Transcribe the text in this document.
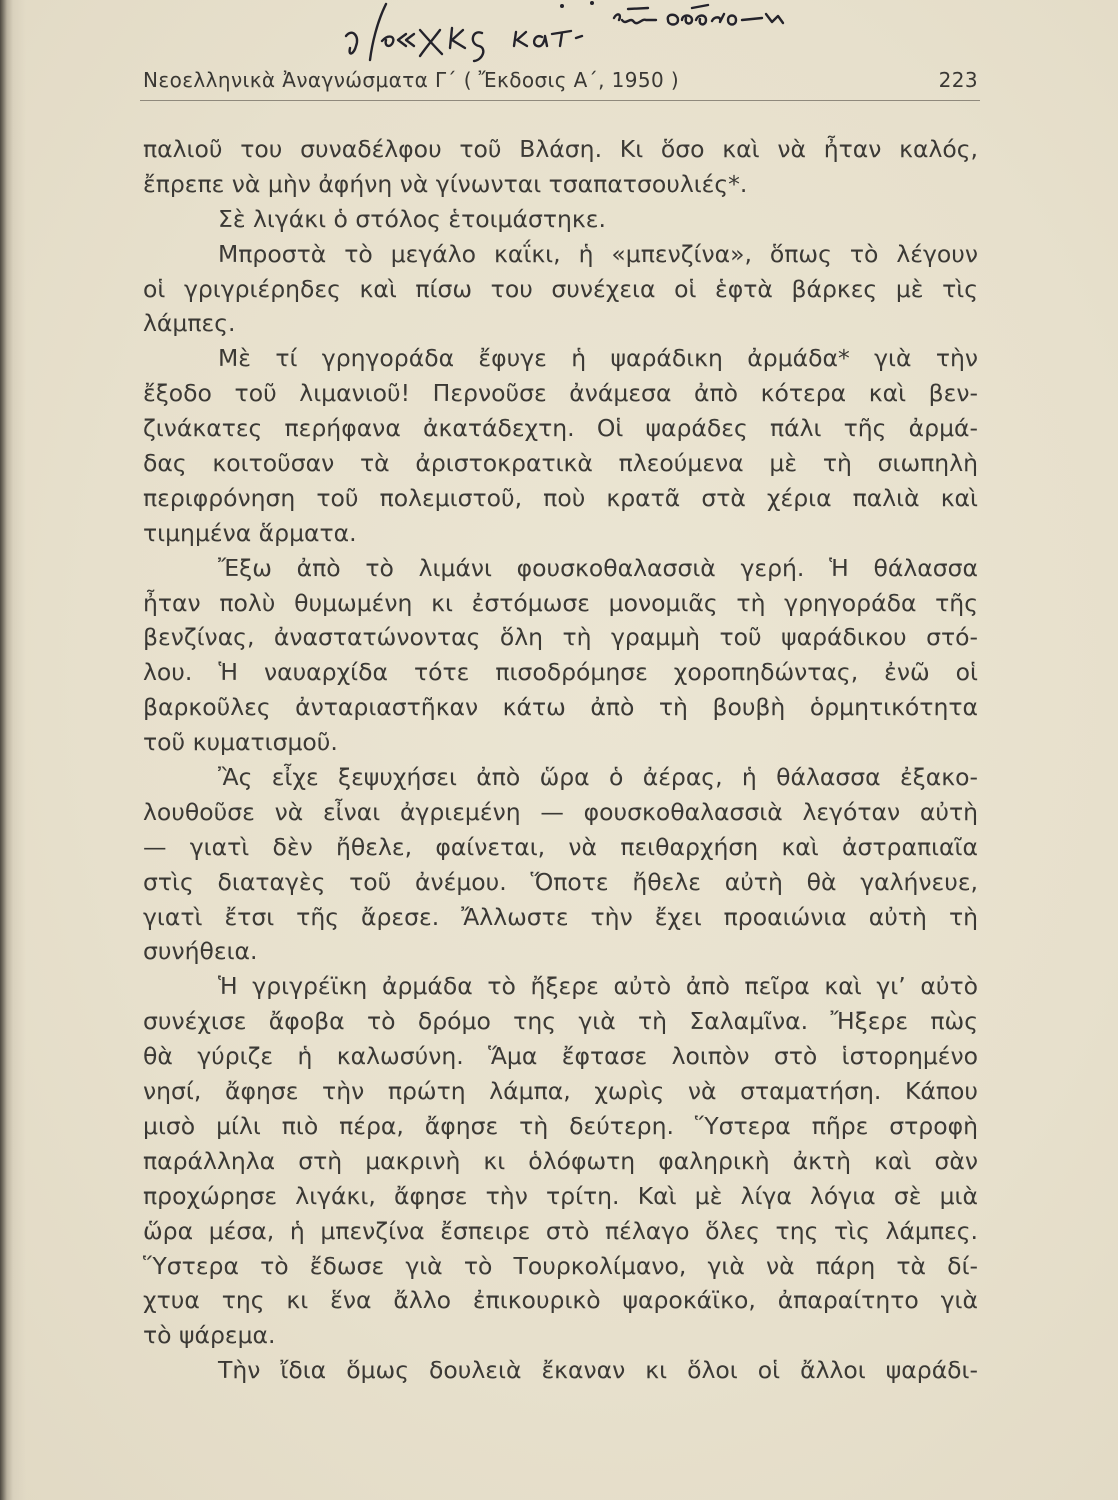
Νεοελληνικὰ Ἀναγνώσματα Γ΄ ( Ἔκδοσις Α΄, 1950 )	223
παλιοῦ του συναδέλφου τοῦ Βλάση. Κι ὅσο καὶ νὰ ἦταν καλός,
ἔπρεπε νὰ μὴν ἀφήνη νὰ γίνωνται τσαπατσουλιές*.
Σὲ λιγάκι ὁ στόλος ἑτοιμάστηκε.
Μπροστὰ τὸ μεγάλο καΐκι, ἡ «μπενζίνα», ὅπως τὸ λέγουν
οἱ γριγριέρηδες καὶ πίσω του συνέχεια οἱ ἑφτὰ βάρκες μὲ τὶς
λάμπες.
Μὲ τί γρηγοράδα ἔφυγε ἡ ψαράδικη ἀρμάδα* γιὰ τὴν
ἔξοδο τοῦ λιμανιοῦ! Περνοῦσε ἀνάμεσα ἀπὸ κότερα καὶ βεν-
ζινάκατες περήφανα ἀκατάδεχτη. Οἱ ψαράδες πάλι τῆς ἀρμά-
δας κοιτοῦσαν τὰ ἀριστοκρατικὰ πλεούμενα μὲ τὴ σιωπηλὴ
περιφρόνηση τοῦ πολεμιστοῦ, ποὺ κρατᾶ στὰ χέρια παλιὰ καὶ
τιμημένα ἅρματα.
Ἔξω ἀπὸ τὸ λιμάνι φουσκοθαλασσιὰ γερή. Ἡ θάλασσα
ἦταν πολὺ θυμωμένη κι ἐστόμωσε μονομιᾶς τὴ γρηγοράδα τῆς
βενζίνας, ἀναστατώνοντας ὅλη τὴ γραμμὴ τοῦ ψαράδικου στό-
λου. Ἡ ναυαρχίδα τότε πισοδρόμησε χοροπηδώντας, ἐνῶ οἱ
βαρκοῦλες ἀνταριαστῆκαν κάτω ἀπὸ τὴ βουβὴ ὁρμητικότητα
τοῦ κυματισμοῦ.
Ἂς εἶχε ξεψυχήσει ἀπὸ ὥρα ὁ ἀέρας, ἡ θάλασσα ἐξακο-
λουθοῦσε νὰ εἶναι ἀγριεμένη — φουσκοθαλασσιὰ λεγόταν αὐτὴ
— γιατὶ δὲν ἤθελε, φαίνεται, νὰ πειθαρχήση καὶ ἀστραπιαῖα
στὶς διαταγὲς τοῦ ἀνέμου. Ὅποτε ἤθελε αὐτὴ θὰ γαλήνευε,
γιατὶ ἔτσι τῆς ἄρεσε. Ἄλλωστε τὴν ἔχει προαιώνια αὐτὴ τὴ
συνήθεια.
Ἡ γριγρέϊκη ἀρμάδα τὸ ἤξερε αὐτὸ ἀπὸ πεῖρα καὶ γι’ αὐτὸ
συνέχισε ἄφοβα τὸ δρόμο της γιὰ τὴ Σαλαμῖνα. Ἤξερε πὼς
θὰ γύριζε ἡ καλωσύνη. Ἅμα ἔφτασε λοιπὸν στὸ ἱστορημένο
νησί, ἄφησε τὴν πρώτη λάμπα, χωρὶς νὰ σταματήση. Κάπου
μισὸ μίλι πιὸ πέρα, ἄφησε τὴ δεύτερη. Ὕστερα πῆρε στροφὴ
παράλληλα στὴ μακρινὴ κι ὁλόφωτη φαληρικὴ ἀκτὴ καὶ σὰν
προχώρησε λιγάκι, ἄφησε τὴν τρίτη. Καὶ μὲ λίγα λόγια σὲ μιὰ
ὥρα μέσα, ἡ μπενζίνα ἔσπειρε στὸ πέλαγο ὅλες της τὶς λάμπες.
Ὕστερα τὸ ἔδωσε γιὰ τὸ Τουρκολίμανο, γιὰ νὰ πάρη τὰ δί-
χτυα της κι ἕνα ἄλλο ἐπικουρικὸ ψαροκάϊκο, ἀπαραίτητο γιὰ
τὸ ψάρεμα.
Τὴν ἴδια ὅμως δουλειὰ ἔκαναν κι ὅλοι οἱ ἄλλοι ψαράδι-
